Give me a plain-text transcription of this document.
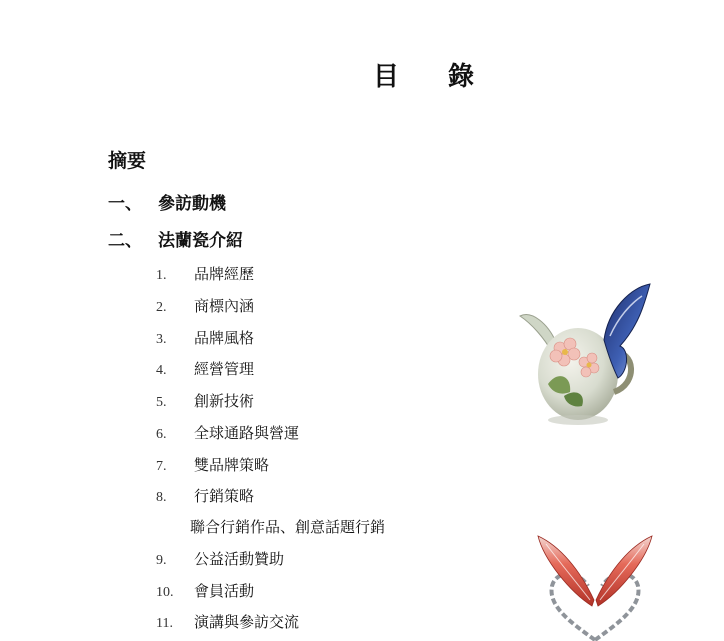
目 錄
摘要
一、 參訪動機
二、 法蘭瓷介紹
1.	品牌經歷
2.	商標內涵
3.	品牌風格
4.	經營管理
5.	創新技術
6.	全球通路與營運
7.	雙品牌策略
8.	行銷策略
聯合行銷作品、創意話題行銷
9.	公益活動贊助
10.	會員活動
11.	演講與參訪交流
